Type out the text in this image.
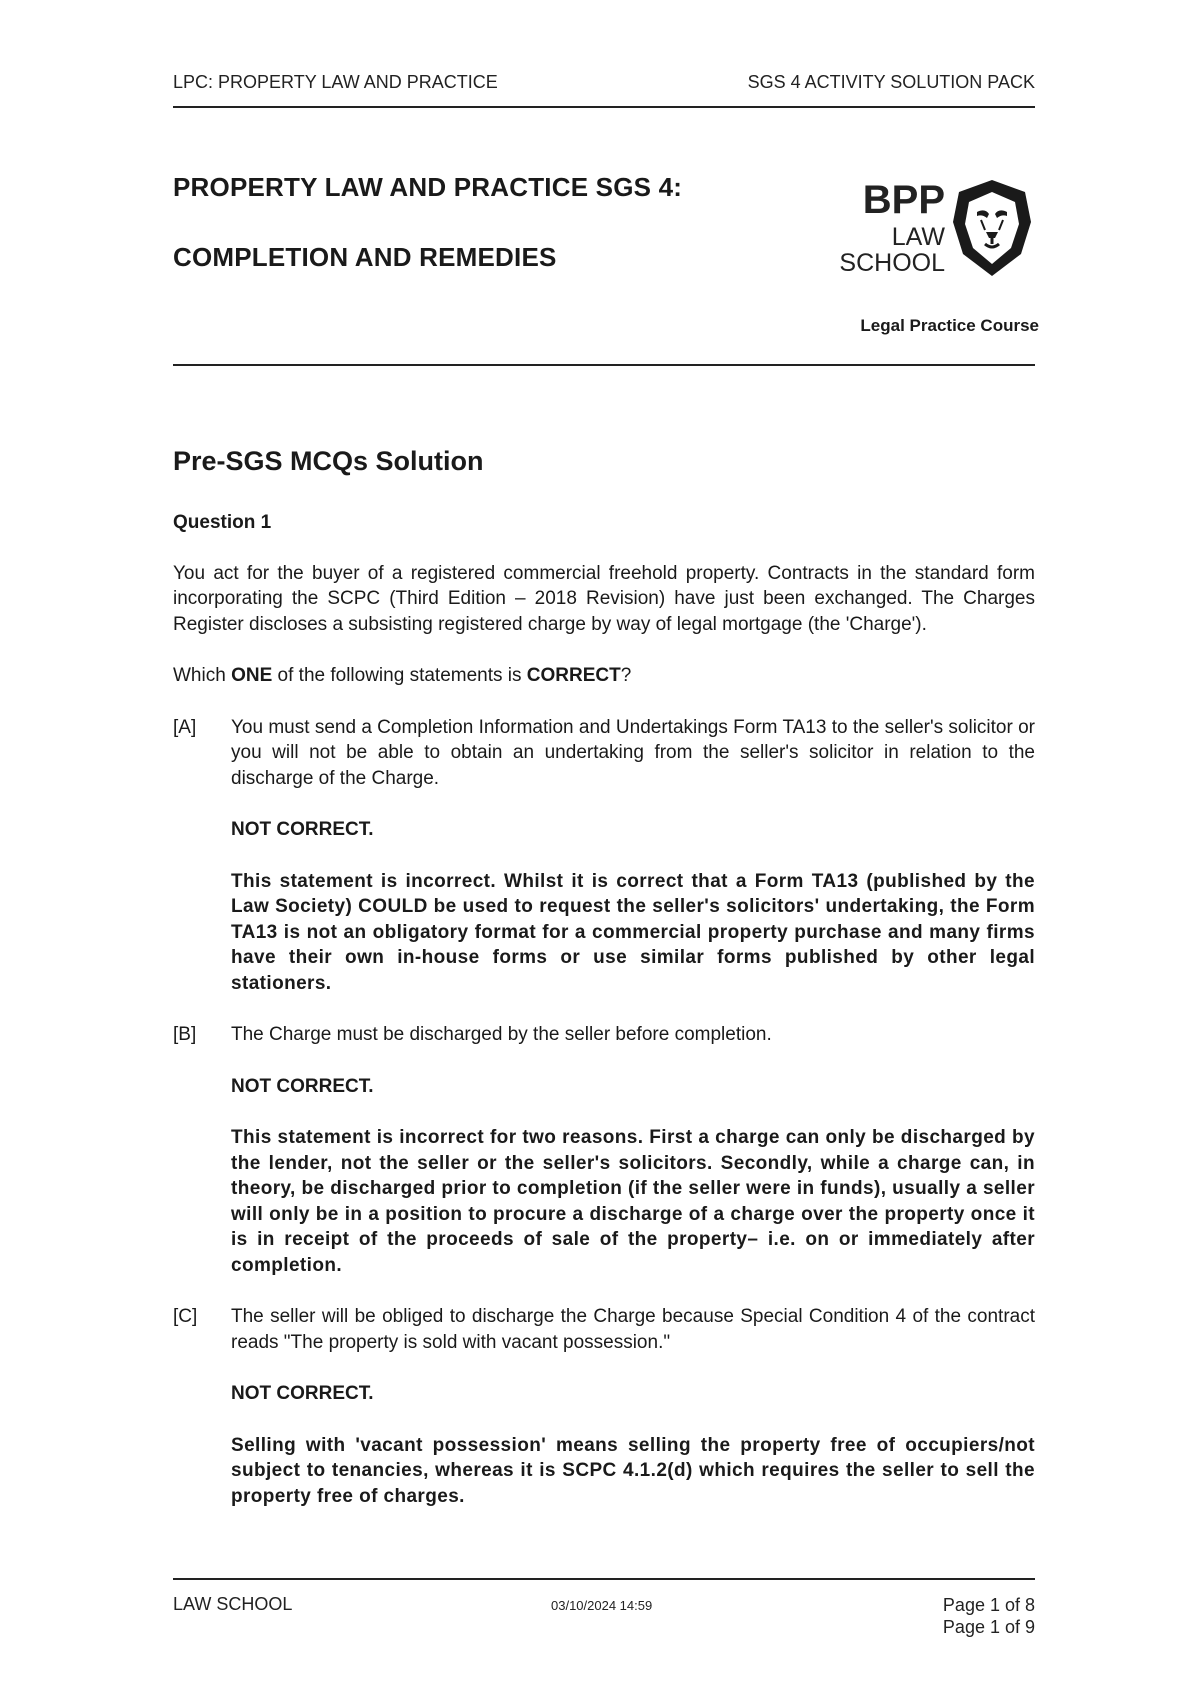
LPC: PROPERTY LAW AND PRACTICE	SGS 4 ACTIVITY SOLUTION PACK

PROPERTY LAW AND PRACTICE SGS 4:

COMPLETION AND REMEDIES

BPP
LAW
SCHOOL
Legal Practice Course
Pre-SGS MCQs Solution
Question 1

You act for the buyer of a registered commercial freehold property. Contracts in the standard form incorporating the SCPC (Third Edition – 2018 Revision) have just been exchanged. The Charges Register discloses a subsisting registered charge by way of legal mortgage (the 'Charge').

Which ONE of the following statements is CORRECT?

[A]	You must send a Completion Information and Undertakings Form TA13 to the seller's solicitor or you will not be able to obtain an undertaking from the seller's solicitor in relation to the discharge of the Charge.

NOT CORRECT.

This statement is incorrect. Whilst it is correct that a Form TA13 (published by the Law Society) COULD be used to request the seller's solicitors' undertaking, the Form TA13 is not an obligatory format for a commercial property purchase and many firms have their own in-house forms or use similar forms published by other legal stationers.

[B]	The Charge must be discharged by the seller before completion.

NOT CORRECT.

This statement is incorrect for two reasons. First a charge can only be discharged by the lender, not the seller or the seller's solicitors. Secondly, while a charge can, in theory, be discharged prior to completion (if the seller were in funds), usually a seller will only be in a position to procure a discharge of a charge over the property once it is in receipt of the proceeds of sale of the property– i.e. on or immediately after completion.

[C]	The seller will be obliged to discharge the Charge because Special Condition 4 of the contract reads "The property is sold with vacant possession."

NOT CORRECT.

Selling with 'vacant possession' means selling the property free of occupiers/not subject to tenancies, whereas it is SCPC 4.1.2(d) which requires the seller to sell the property free of charges.

LAW SCHOOL	03/10/2024 14:59	Page 1 of 8
Page 1 of 9
